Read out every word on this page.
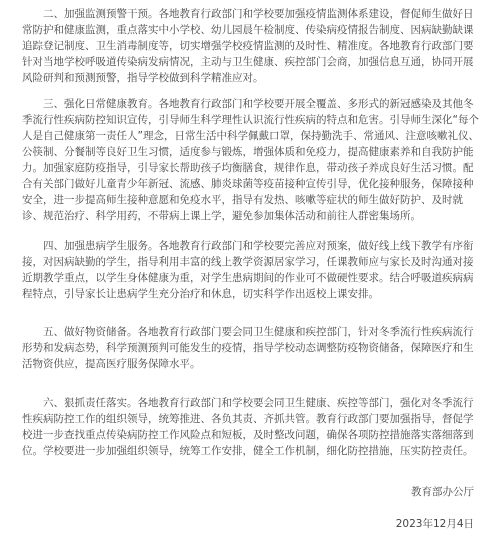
二、加强监测预警干预。各地教育行政部门和学校要加强疫情监测体系建设，督促师生做好日常防护和健康监测，重点落实中小学校、幼儿园晨午检制度、传染病疫情报告制度、因病缺勤缺课追踪登记制度、卫生消毒制度等，切实增强学校疫情监测的及时性、精准度。各地教育行政部门要针对当地学校呼吸道传染病发病情况，主动与卫生健康、疾控部门会商，加强信息互通，协同开展风险研判和预测预警，指导学校做到科学精准应对。

三、强化日常健康教育。各地教育行政部门和学校要开展全覆盖、多形式的新冠感染及其他冬季流行性疾病防控知识宣传，引导师生科学理性认识流行性疾病的特点和危害。引导师生深化“每个人是自己健康第一责任人”理念，日常生活中科学佩戴口罩，保持勤洗手、常通风、注意咳嗽礼仪、公筷制、分餐制等良好卫生习惯，适度参与锻炼，增强体质和免疫力，提高健康素养和自我防护能力。加强家庭防疫指导，引导家长帮助孩子均衡膳食，规律作息，带动孩子养成良好生活习惯。配合有关部门做好儿童青少年新冠、流感、肺炎球菌等疫苗接种宣传引导，优化接种服务，保障接种安全，进一步提高师生接种意愿和免疫水平，指导有发热、咳嗽等症状的师生做好防护、及时就诊、规范治疗、科学用药，不带病上课上学，避免参加集体活动和前往人群密集场所。

四、加强患病学生服务。各地教育行政部门和学校要完善应对预案，做好线上线下教学有序衔接，对因病缺勤的学生，指导利用丰富的线上教学资源居家学习，任课教师应与家长及时沟通对接近期教学重点，以学生身体健康为重，对学生患病期间的作业可不做硬性要求。结合呼吸道疾病病程特点，引导家长让患病学生充分治疗和休息，切实科学作出返校上课安排。

五、做好物资储备。各地教育行政部门要会同卫生健康和疾控部门，针对冬季流行性疾病流行形势和发病态势，科学预测预判可能发生的疫情，指导学校动态调整防疫物资储备，保障医疗和生活物资供应，提高医疗服务保障水平。

六、狠抓责任落实。各地教育行政部门和学校要会同卫生健康、疾控等部门，强化对冬季流行性疾病防控工作的组织领导，统筹推进、各负其责、齐抓共管。教育行政部门要加强指导，督促学校进一步查找重点传染病防控工作风险点和短板，及时整改问题，确保各项防控措施落实落细落到位。学校要进一步加强组织领导，统筹工作安排，健全工作机制，细化防控措施，压实防控责任。

教育部办公厅
2023年12月4日
